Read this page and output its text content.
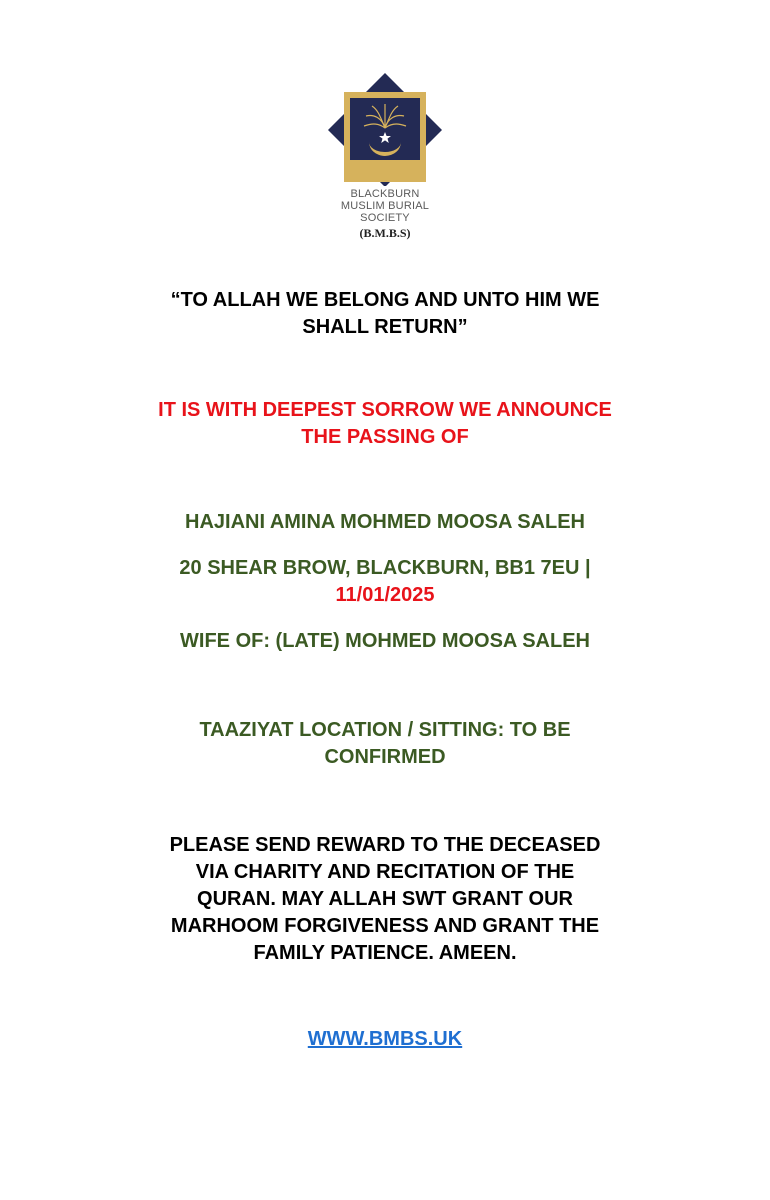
BLACKBURN
MUSLIM BURIAL
SOCIETY
(B.M.B.S)
“TO ALLAH WE BELONG AND UNTO HIM WE
SHALL RETURN”
IT IS WITH DEEPEST SORROW WE ANNOUNCE
THE PASSING OF
HAJIANI AMINA MOHMED MOOSA SALEH
20 SHEAR BROW, BLACKBURN, BB1 7EU |
11/01/2025
WIFE OF: (LATE) MOHMED MOOSA SALEH
TAAZIYAT LOCATION / SITTING: TO BE
CONFIRMED
PLEASE SEND REWARD TO THE DECEASED
VIA CHARITY AND RECITATION OF THE
QURAN. MAY ALLAH SWT GRANT OUR
MARHOOM FORGIVENESS AND GRANT THE
FAMILY PATIENCE. AMEEN.
WWW.BMBS.UK
